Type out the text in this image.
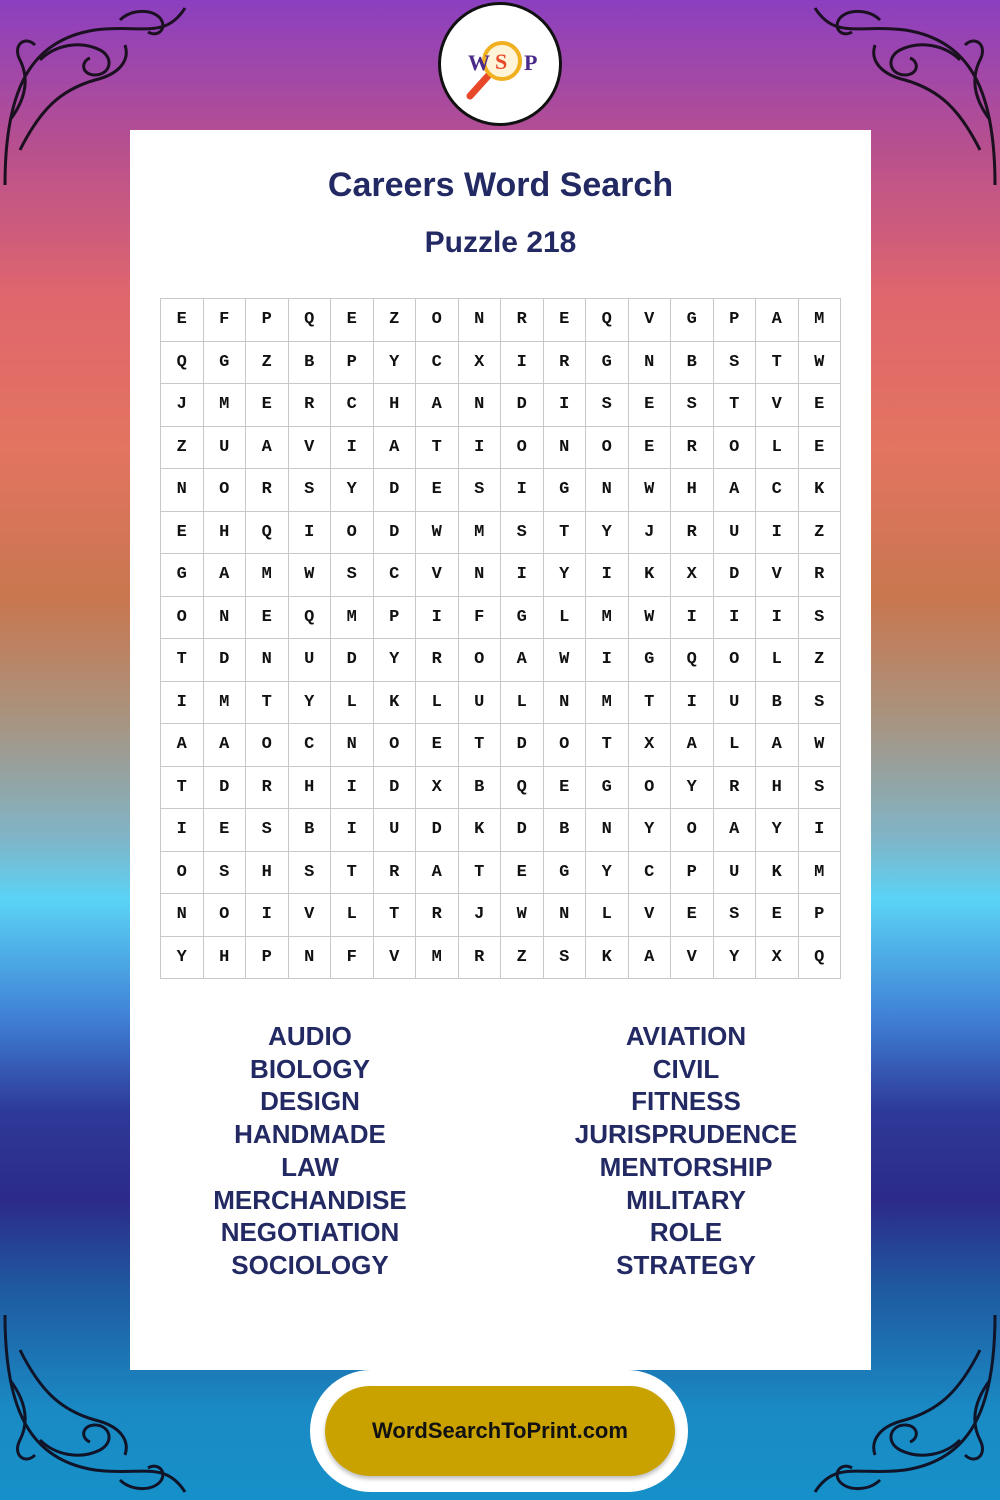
W S P
Careers Word Search
Puzzle 218
E	F	P	Q	E	Z	O	N	R	E	Q	V	G	P	A	M
Q	G	Z	B	P	Y	C	X	I	R	G	N	B	S	T	W
J	M	E	R	C	H	A	N	D	I	S	E	S	T	V	E
Z	U	A	V	I	A	T	I	O	N	O	E	R	O	L	E
N	O	R	S	Y	D	E	S	I	G	N	W	H	A	C	K
E	H	Q	I	O	D	W	M	S	T	Y	J	R	U	I	Z
G	A	M	W	S	C	V	N	I	Y	I	K	X	D	V	R
O	N	E	Q	M	P	I	F	G	L	M	W	I	I	I	S
T	D	N	U	D	Y	R	O	A	W	I	G	Q	O	L	Z
I	M	T	Y	L	K	L	U	L	N	M	T	I	U	B	S
A	A	O	C	N	O	E	T	D	O	T	X	A	L	A	W
T	D	R	H	I	D	X	B	Q	E	G	O	Y	R	H	S
I	E	S	B	I	U	D	K	D	B	N	Y	O	A	Y	I
O	S	H	S	T	R	A	T	E	G	Y	C	P	U	K	M
N	O	I	V	L	T	R	J	W	N	L	V	E	S	E	P
Y	H	P	N	F	V	M	R	Z	S	K	A	V	Y	X	Q
AUDIO
BIOLOGY
DESIGN
HANDMADE
LAW
MERCHANDISE
NEGOTIATION
SOCIOLOGY
AVIATION
CIVIL
FITNESS
JURISPRUDENCE
MENTORSHIP
MILITARY
ROLE
STRATEGY
WordSearchToPrint.com
